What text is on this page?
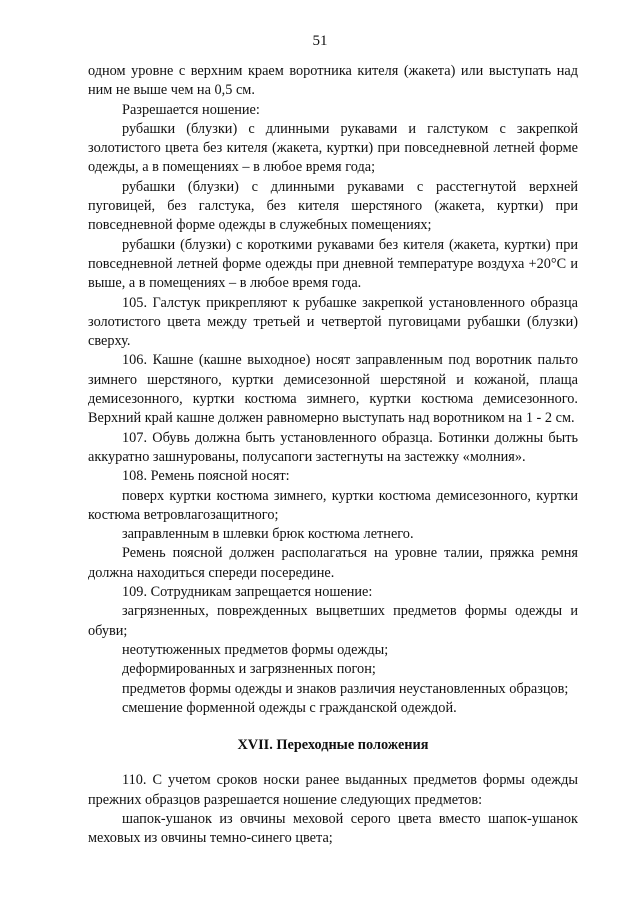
51

одном уровне с верхним краем воротника кителя (жакета) или выступать над ним не выше чем на 0,5 см.

Разрешается ношение:

рубашки (блузки) с длинными рукавами и галстуком с закрепкой золотистого цвета без кителя (жакета, куртки) при повседневной летней форме одежды, а в помещениях – в любое время года;

рубашки (блузки) с длинными рукавами с расстегнутой верхней пуговицей, без галстука, без кителя шерстяного (жакета, куртки) при повседневной форме одежды в служебных помещениях;

рубашки (блузки) с короткими рукавами без кителя (жакета, куртки) при повседневной летней форме одежды при дневной температуре воздуха +20°С и выше, а в помещениях – в любое время года.

105. Галстук прикрепляют к рубашке закрепкой установленного образца золотистого цвета между третьей и четвертой пуговицами рубашки (блузки) сверху.

106. Кашне (кашне выходное) носят заправленным под воротник пальто зимнего шерстяного, куртки демисезонной шерстяной и кожаной, плаща демисезонного, куртки костюма зимнего, куртки костюма демисезонного. Верхний край кашне должен равномерно выступать над воротником на 1 - 2 см.

107. Обувь должна быть установленного образца. Ботинки должны быть аккуратно зашнурованы, полусапоги застегнуты на застежку «молния».

108. Ремень поясной носят:

поверх куртки костюма зимнего, куртки костюма демисезонного, куртки костюма ветровлагозащитного;

заправленным в шлевки брюк костюма летнего.

Ремень поясной должен располагаться на уровне талии, пряжка ремня должна находиться спереди посередине.

109. Сотрудникам запрещается ношение:

загрязненных, поврежденных выцветших предметов формы одежды и обуви;

неотутюженных предметов формы одежды;

деформированных и загрязненных погон;

предметов формы одежды и знаков различия неустановленных образцов;

смешение форменной одежды с гражданской одеждой.

XVII. Переходные положения

110. С учетом сроков носки ранее выданных предметов формы одежды прежних образцов разрешается ношение следующих предметов:

шапок-ушанок из овчины меховой серого цвета вместо шапок-ушанок меховых из овчины темно-синего цвета;
